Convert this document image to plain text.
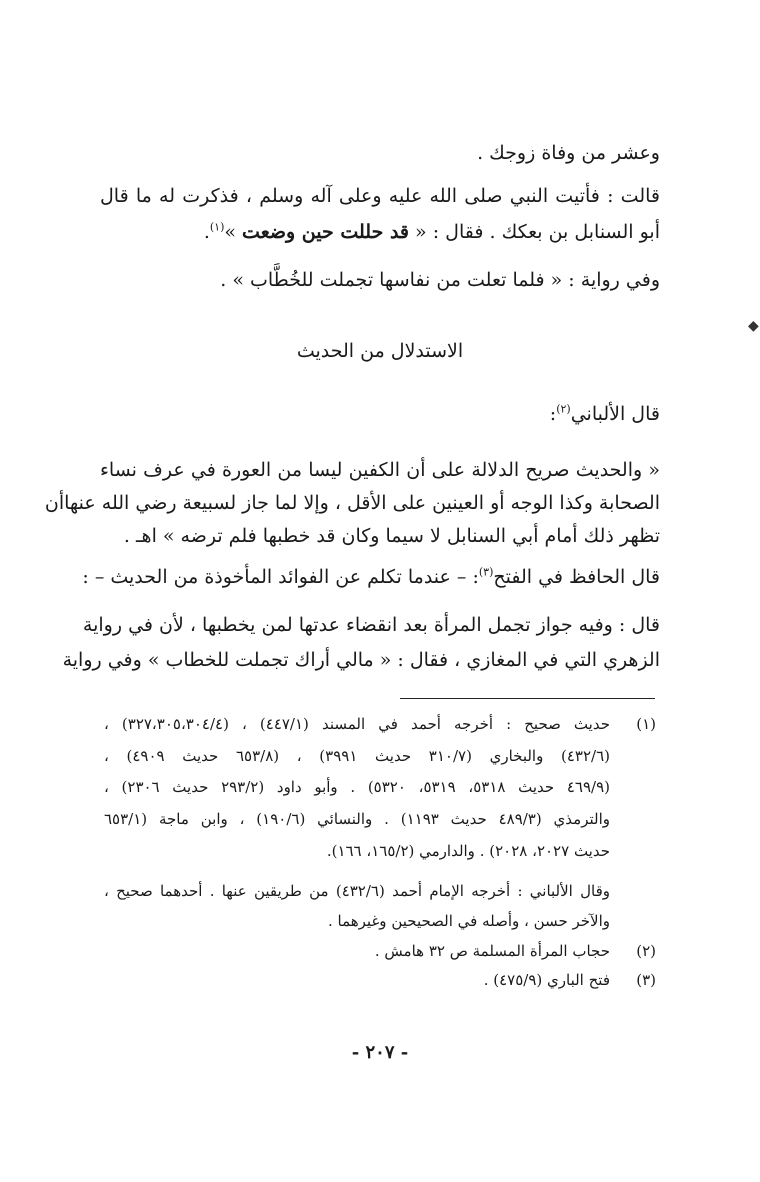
وعشر من وفاة زوجك .
قالت : فأتيت النبي صلى الله عليه وعلى آله وسلم ، فذكرت له ما قال
أبو السنابل بن بعكك . فقال : « قد حللت حين وضعت »$^{(١)}$.
وفي رواية : « فلما تعلت من نفاسها تجملت للخُطَّاب » .
الاستدلال من الحديث
قال الألباني$^{(٢)}$:
« والحديث صريح الدلالة على أن الكفين ليسا من العورة في عرف نساء
الصحابة وكذا الوجه أو العينين على الأقل ، وإلا لما جاز لسبيعة رضي الله عنهاأن
تظهر ذلك أمام أبي السنابل لا سيما وكان قد خطبها فلم ترضه » اهـ .
قال الحافظ في الفتح$^{(٣)}$: – عندما تكلم عن الفوائد المأخوذة من الحديث – :
قال : وفيه جواز تجمل المرأة بعد انقضاء عدتها لمن يخطبها ، لأن في رواية
الزهري التي في المغازي ، فقال : « مالي أراك تجملت للخطاب » وفي رواية
(١)
حديث صحيح : أخرجه أحمد في المسند (٤٤٧/١) ، (٣٢٧،٣٠٥،٣٠٤/٤) ،
(٤٣٢/٦) والبخاري (٣١٠/٧ حديث ٣٩٩١) ، (٦٥٣/٨ حديث ٤٩٠٩) ،
(٤٦٩/٩ حديث ٥٣١٨، ٥٣١٩، ٥٣٢٠) . وأبو داود (٢٩٣/٢ حديث ٢٣٠٦) ،
والترمذي (٤٨٩/٣ حديث ١١٩٣) . والنسائي (١٩٠/٦) ، وابن ماجة (٦٥٣/١
حديث ٢٠٢٧، ٢٠٢٨) . والدارمي (١٦٥/٢، ١٦٦).
وقال الألباني : أخرجه الإمام أحمد (٤٣٢/٦) من طريقين عنها . أحدهما صحيح ،
والآخر حسن ، وأصله في الصحيحين وغيرهما .
(٢)
حجاب المرأة المسلمة ص ٣٢ هامش .
(٣)
فتح الباري (٤٧٥/٩) .
- ٢٠٧ -
◆
